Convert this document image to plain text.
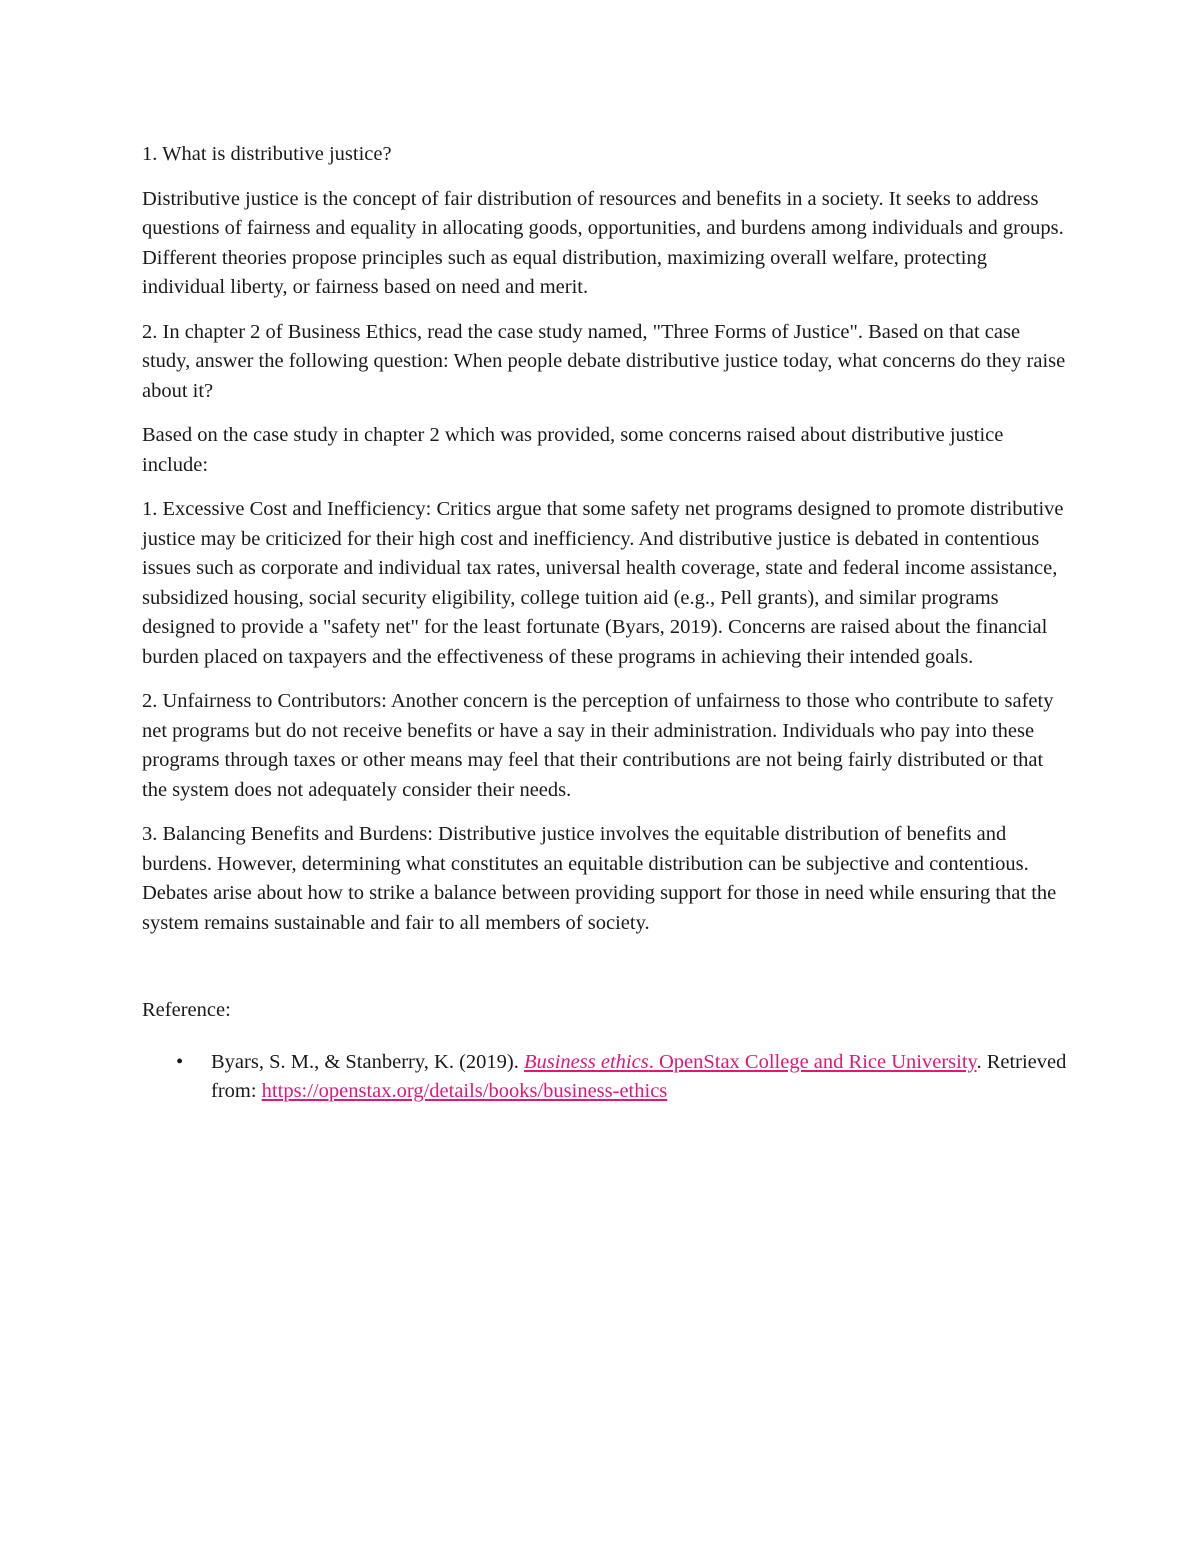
1. What is distributive justice?

Distributive justice is the concept of fair distribution of resources and benefits in a society. It seeks to address questions of fairness and equality in allocating goods, opportunities, and burdens among individuals and groups. Different theories propose principles such as equal distribution, maximizing overall welfare, protecting individual liberty, or fairness based on need and merit.

2. In chapter 2 of Business Ethics, read the case study named, "Three Forms of Justice". Based on that case study, answer the following question: When people debate distributive justice today, what concerns do they raise about it?

Based on the case study in chapter 2 which was provided, some concerns raised about distributive justice include:

1. Excessive Cost and Inefficiency: Critics argue that some safety net programs designed to promote distributive justice may be criticized for their high cost and inefficiency. And distributive justice is debated in contentious issues such as corporate and individual tax rates, universal health coverage, state and federal income assistance, subsidized housing, social security eligibility, college tuition aid (e.g., Pell grants), and similar programs designed to provide a "safety net" for the least fortunate (Byars, 2019). Concerns are raised about the financial burden placed on taxpayers and the effectiveness of these programs in achieving their intended goals.

2. Unfairness to Contributors: Another concern is the perception of unfairness to those who contribute to safety net programs but do not receive benefits or have a say in their administration. Individuals who pay into these programs through taxes or other means may feel that their contributions are not being fairly distributed or that the system does not adequately consider their needs.

3. Balancing Benefits and Burdens: Distributive justice involves the equitable distribution of benefits and burdens. However, determining what constitutes an equitable distribution can be subjective and contentious. Debates arise about how to strike a balance between providing support for those in need while ensuring that the system remains sustainable and fair to all members of society.

Reference:

• Byars, S. M., & Stanberry, K. (2019). Business ethics. OpenStax College and Rice University. Retrieved from: https://openstax.org/details/books/business-ethics
